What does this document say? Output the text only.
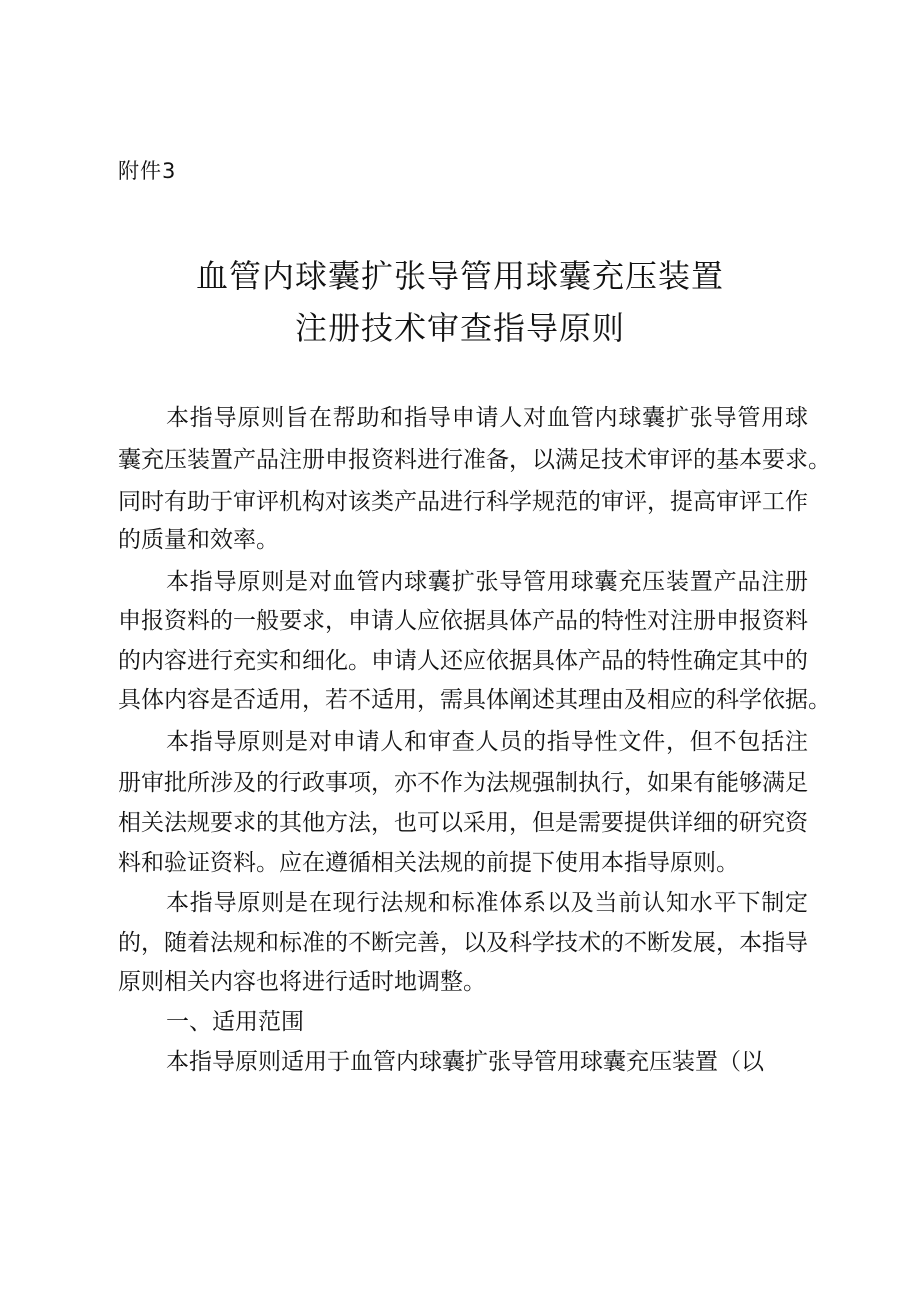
附件3
血管内球囊扩张导管用球囊充压装置
注册技术审查指导原则
本指导原则旨在帮助和指导申请人对血管内球囊扩张导管用球
囊充压装置产品注册申报资料进行准备，以满足技术审评的基本要求。
同时有助于审评机构对该类产品进行科学规范的审评，提高审评工作
的质量和效率。
本指导原则是对血管内球囊扩张导管用球囊充压装置产品注册
申报资料的一般要求，申请人应依据具体产品的特性对注册申报资料
的内容进行充实和细化。申请人还应依据具体产品的特性确定其中的
具体内容是否适用，若不适用，需具体阐述其理由及相应的科学依据。
本指导原则是对申请人和审查人员的指导性文件，但不包括注
册审批所涉及的行政事项，亦不作为法规强制执行，如果有能够满足
相关法规要求的其他方法，也可以采用，但是需要提供详细的研究资
料和验证资料。应在遵循相关法规的前提下使用本指导原则。
本指导原则是在现行法规和标准体系以及当前认知水平下制定
的，随着法规和标准的不断完善，以及科学技术的不断发展，本指导
原则相关内容也将进行适时地调整。
一、适用范围
本指导原则适用于血管内球囊扩张导管用球囊充压装置（以
